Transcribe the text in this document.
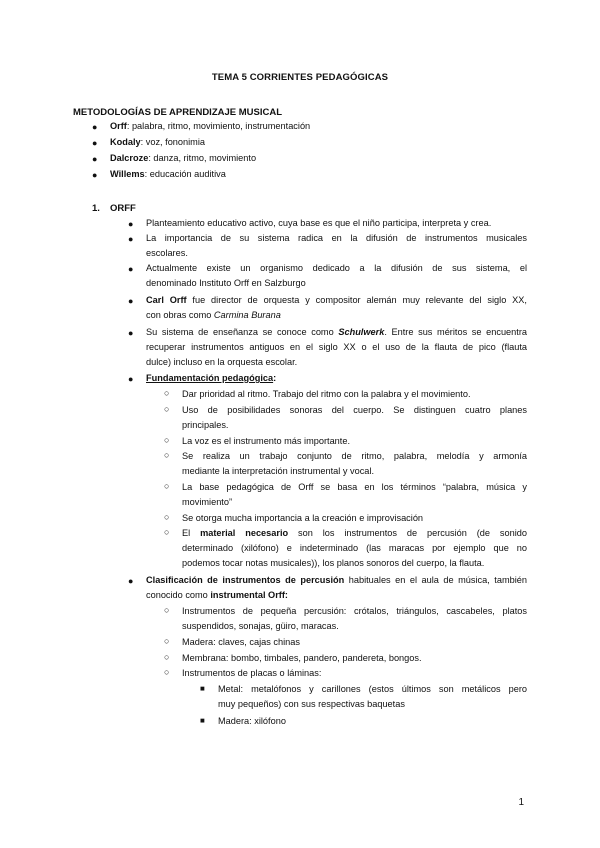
TEMA 5 CORRIENTES PEDAGÓGICAS
METODOLOGÍAS DE APRENDIZAJE MUSICAL
● Orff: palabra, ritmo, movimiento, instrumentación
● Kodaly: voz, fononimia
● Dalcroze: danza, ritmo, movimiento
● Willems: educación auditiva
1. ORFF
● Planteamiento educativo activo, cuya base es que el niño participa, interpreta y crea.
● La importancia de su sistema radica en la difusión de instrumentos musicales
escolares.
● Actualmente existe un organismo dedicado a la difusión de sus sistema, el
denominado Instituto Orff en Salzburgo
● Carl Orff fue director de orquesta y compositor alemán muy relevante del siglo XX,
con obras como Carmina Burana
● Su sistema de enseñanza se conoce como Schulwerk. Entre sus méritos se encuentra
recuperar instrumentos antiguos en el siglo XX o el uso de la flauta de pico (flauta
dulce) incluso en la orquesta escolar.
● Fundamentación pedagógica:
○ Dar prioridad al ritmo. Trabajo del ritmo con la palabra y el movimiento.
○ Uso de posibilidades sonoras del cuerpo. Se distinguen cuatro planes
principales.
○ La voz es el instrumento más importante.
○ Se realiza un trabajo conjunto de ritmo, palabra, melodía y armonía
mediante la interpretación instrumental y vocal.
○ La base pedagógica de Orff se basa en los términos “palabra, música y
movimiento”
○ Se otorga mucha importancia a la creación e improvisación
○ El material necesario son los instrumentos de percusión (de sonido
determinado (xilófono) e indeterminado (las maracas por ejemplo que no
podemos tocar notas musicales)), los planos sonoros del cuerpo, la flauta.
● Clasificación de instrumentos de percusión habituales en el aula de música, también
conocido como instrumental Orff:
○ Instrumentos de pequeña percusión: crótalos, triángulos, cascabeles, platos
suspendidos, sonajas, güiro, maracas.
○ Madera: claves, cajas chinas
○ Membrana: bombo, timbales, pandero, pandereta, bongos.
○ Instrumentos de placas o láminas:
■ Metal: metalófonos y carillones (estos últimos son metálicos pero
muy pequeños) con sus respectivas baquetas
■ Madera: xilófono
1
